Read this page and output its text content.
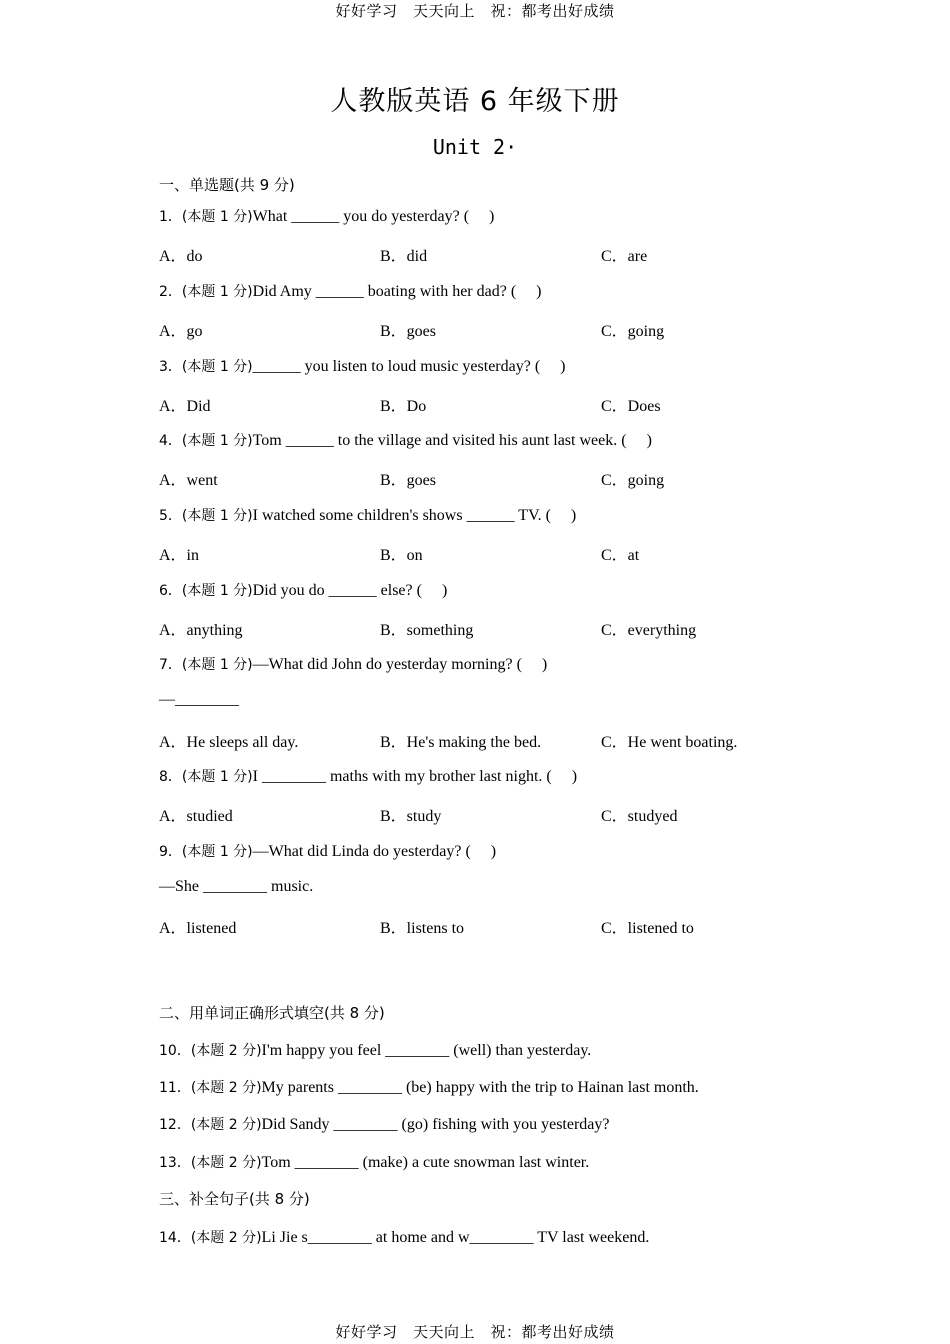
好好学习　天天向上　祝：都考出好成绩
人教版英语 6 年级下册
Unit 2·
一、单选题(共 9 分)
1．(本题 1 分)What ______ you do yesterday? (     )
A．do	B．did	C．are
2．(本题 1 分)Did Amy ______ boating with her dad? (     )
A．go	B．goes	C．going
3．(本题 1 分)______ you listen to loud music yesterday? (     )
A．Did	B．Do	C．Does
4．(本题 1 分)Tom ______ to the village and visited his aunt last week. (     )
A．went	B．goes	C．going
5．(本题 1 分)I watched some children's shows ______ TV. (     )
A．in	B．on	C．at
6．(本题 1 分)Did you do ______ else? (     )
A．anything	B．something	C．everything
7．(本题 1 分)—What did John do yesterday morning? (     )
—________
A．He sleeps all day.	B．He's making the bed.	C．He went boating.
8．(本题 1 分)I ________ maths with my brother last night. (     )
A．studied	B．study	C．studyed
9．(本题 1 分)—What did Linda do yesterday? (     )
—She ________ music.
A．listened	B．listens to	C．listened to
二、用单词正确形式填空(共 8 分)
10．(本题 2 分)I'm happy you feel ________ (well) than yesterday.
11．(本题 2 分)My parents ________ (be) happy with the trip to Hainan last month.
12．(本题 2 分)Did Sandy ________ (go) fishing with you yesterday?
13．(本题 2 分)Tom ________ (make) a cute snowman last winter.
三、补全句子(共 8 分)
14．(本题 2 分)Li Jie s________ at home and w________ TV last weekend.
好好学习　天天向上　祝：都考出好成绩
